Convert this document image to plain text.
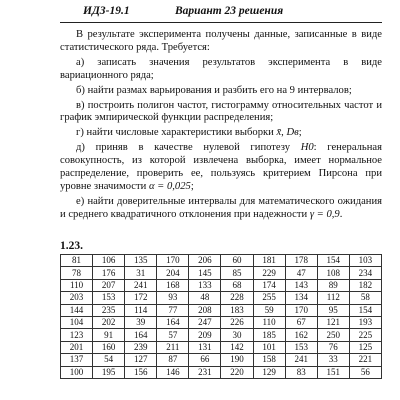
ИДЗ-19.1	Вариант 23 решения

В результате эксперимента получены данные, записанные в виде статистического ряда. Требуется:

а) записать значения результатов эксперимента в виде вариационного ряда;

б) найти размах варьирования и разбить его на 9 интервалов;

в) построить полигон частот, гистограмму относительных частот и график эмпирической функции распределения;

г) найти числовые характеристики выборки x̄, Dв;

д) приняв в качестве нулевой гипотезу H0: генеральная совокупность, из которой извлечена выборка, имеет нормальное распределение, проверить ее, пользуясь критерием Пирсона при уровне значимости α = 0,025;

е) найти доверительные интервалы для математического ожидания и среднего квадратичного отклонения при надежности γ = 0,9.

1.23.
81	106	135	170	206	60	181	178	154	103
78	176	31	204	145	85	229	47	108	234
110	207	241	168	133	68	174	143	89	182
203	153	172	93	48	228	255	134	112	58
144	235	114	77	208	183	59	170	95	154
104	202	39	164	247	226	110	67	121	193
123	91	164	57	209	30	185	162	250	225
201	160	239	211	131	142	101	153	76	125
137	54	127	87	66	190	158	241	33	221
100	195	156	146	231	220	129	83	151	56
